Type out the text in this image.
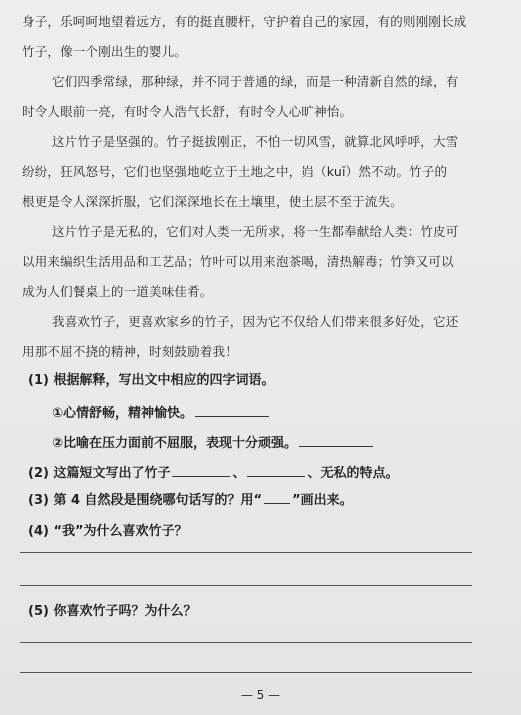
身子，乐呵呵地望着远方，有的挺直腰杆，守护着自己的家园，有的则刚刚长成

竹子，像一个刚出生的婴儿。

它们四季常绿，那种绿，并不同于普通的绿，而是一种清新自然的绿，有

时令人眼前一亮，有时令人浩气长舒，有时令人心旷神怡。

这片竹子是坚强的。竹子挺拔刚正，不怕一切风雪，就算北风呼呼，大雪

纷纷，狂风怒号，它们也坚强地屹立于土地之中，岿（kuī）然不动。竹子的

根更是令人深深折服，它们深深地长在土壤里，使土层不至于流失。

这片竹子是无私的，它们对人类一无所求，将一生都奉献给人类：竹皮可

以用来编织生活用品和工艺品；竹叶可以用来泡茶喝，清热解毒；竹笋又可以

成为人们餐桌上的一道美味佳肴。

我喜欢竹子，更喜欢家乡的竹子，因为它不仅给人们带来很多好处，它还

用那不屈不挠的精神，时刻鼓励着我！

(1) 根据解释，写出文中相应的四字词语。

①心情舒畅，精神愉快。

②比喻在压力面前不屈服，表现十分顽强。

(2) 这篇短文写出了竹子	、	、无私的特点。

(3) 第 4 自然段是围绕哪句话写的？用“ ”画出来。

(4) “我”为什么喜欢竹子？

(5) 你喜欢竹子吗？为什么？

— 5 —
